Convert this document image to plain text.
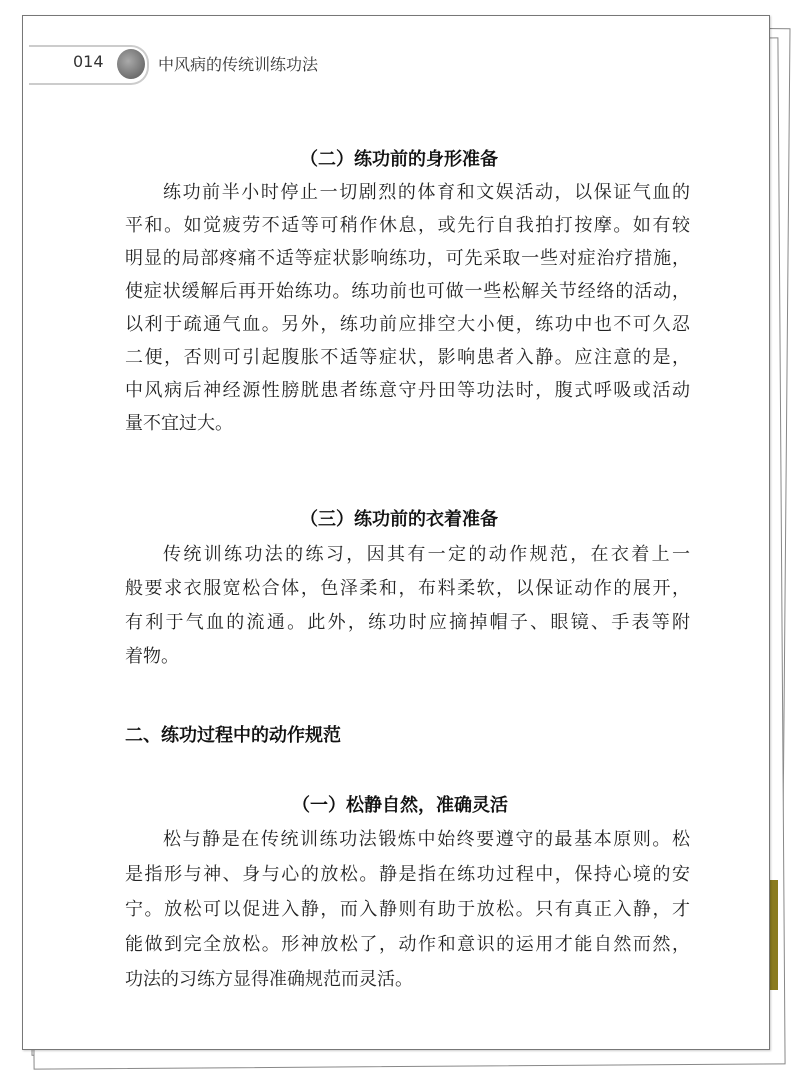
014	中风病的传统训练功法
（二）练功前的身形准备
练功前半小时停止一切剧烈的体育和文娱活动，以保证气血的
平和。如觉疲劳不适等可稍作休息，或先行自我拍打按摩。如有较
明显的局部疼痛不适等症状影响练功，可先采取一些对症治疗措施，
使症状缓解后再开始练功。练功前也可做一些松解关节经络的活动，
以利于疏通气血。另外，练功前应排空大小便，练功中也不可久忍
二便，否则可引起腹胀不适等症状，影响患者入静。应注意的是，
中风病后神经源性膀胱患者练意守丹田等功法时，腹式呼吸或活动
量不宜过大。
（三）练功前的衣着准备
传统训练功法的练习，因其有一定的动作规范，在衣着上一
般要求衣服宽松合体，色泽柔和，布料柔软，以保证动作的展开，
有利于气血的流通。此外，练功时应摘掉帽子、眼镜、手表等附
着物。
二、练功过程中的动作规范
（一）松静自然，准确灵活
松与静是在传统训练功法锻炼中始终要遵守的最基本原则。松
是指形与神、身与心的放松。静是指在练功过程中，保持心境的安
宁。放松可以促进入静，而入静则有助于放松。只有真正入静，才
能做到完全放松。形神放松了，动作和意识的运用才能自然而然，
功法的习练方显得准确规范而灵活。
